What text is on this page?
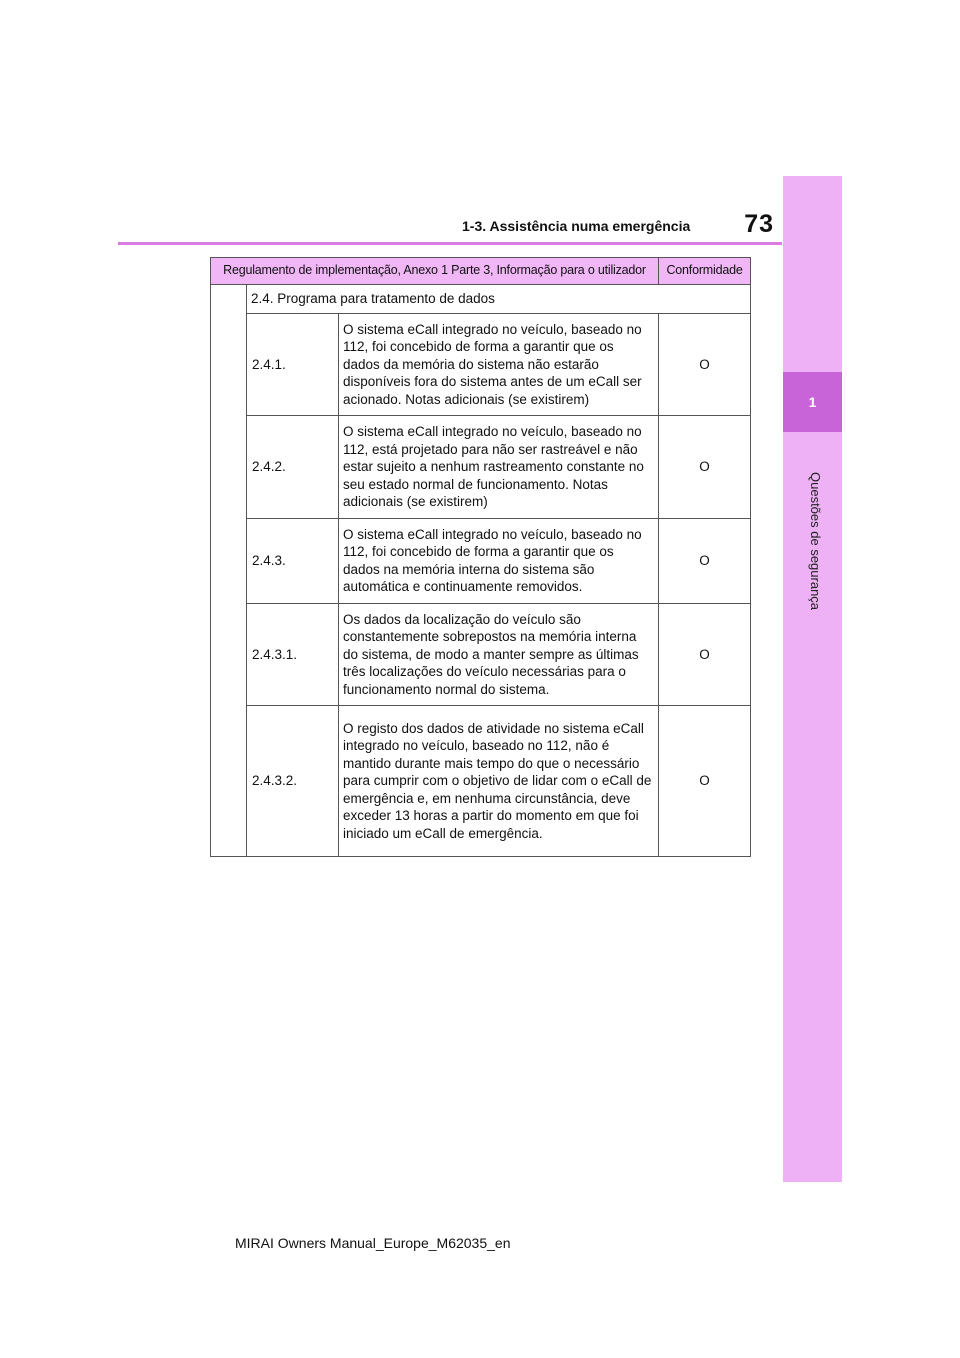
73
1-3. Assistência numa emergência
1
Questões de segurança
Regulamento de implementação, Anexo 1 Parte 3, Informação para o utilizador			Conformidade
	2.4. Programa para tratamento de dados		
	2.4.1.	O sistema eCall integrado no veículo, baseado no 112, foi concebido de forma a garantir que os dados da memória do sistema não estarão disponíveis fora do sistema antes de um eCall ser acionado. Notas adicionais (se existirem)	O
	2.4.2.	O sistema eCall integrado no veículo, baseado no 112, está projetado para não ser rastreável e não estar sujeito a nenhum rastreamento constante no seu estado normal de funcionamento. Notas adicionais (se existirem)	O
	2.4.3.	O sistema eCall integrado no veículo, baseado no 112, foi concebido de forma a garantir que os dados na memória interna do sistema são automática e continuamente removidos.	O
	2.4.3.1.	Os dados da localização do veículo são constantemente sobrepostos na memória interna do sistema, de modo a manter sempre as últimas três localizações do veículo necessárias para o funcionamento normal do sistema.	O
	2.4.3.2.	O registo dos dados de atividade no sistema eCall integrado no veículo, baseado no 112, não é mantido durante mais tempo do que o necessário para cumprir com o objetivo de lidar com o eCall de emergência e, em nenhuma circunstância, deve exceder 13 horas a partir do momento em que foi iniciado um eCall de emergência.	O
MIRAI Owners Manual_Europe_M62035_en
